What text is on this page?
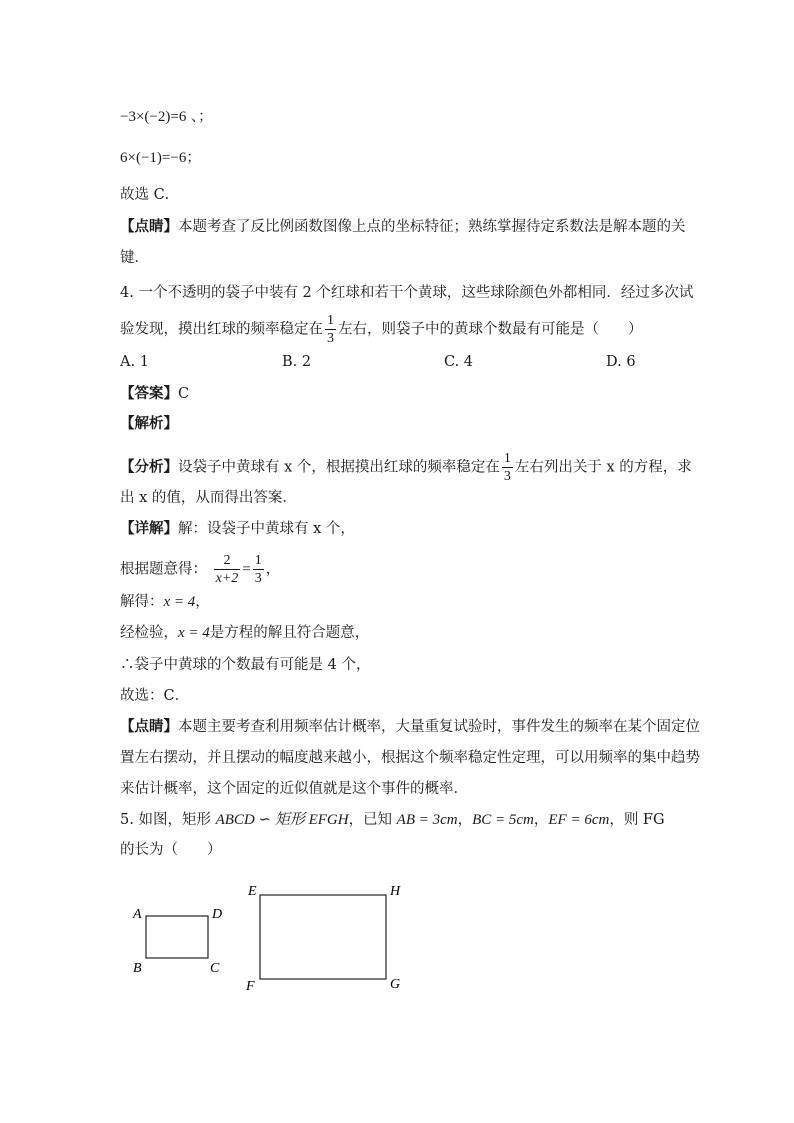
−3×(−2)=6 、；
6×(−1)=−6；
故选 C．
【点睛】本题考查了反比例函数图像上点的坐标特征；熟练掌握待定系数法是解本题的关
键．
4. 一个不透明的袋子中装有 2 个红球和若干个黄球，这些球除颜色外都相同．经过多次试
验发现，摸出红球的频率稳定在 $\frac{1}{3}$ 左右，则袋子中的黄球个数最有可能是（　　）
A. 1	B. 2	C. 4	D. 6
【答案】C
【解析】
【分析】设袋子中黄球有 x 个，根据摸出红球的频率稳定在 $\frac{1}{3}$ 左右列出关于 x 的方程，求
出 x 的值，从而得出答案．
【详解】解：设袋子中黄球有 x 个，
根据题意得： $\frac{2}{x+2} = \frac{1}{3}$ ，
解得：x = 4，
经检验，x = 4是方程的解且符合题意，
∴袋子中黄球的个数最有可能是 4 个，
故选：C．
【点睛】本题主要考查利用频率估计概率，大量重复试验时，事件发生的频率在某个固定位
置左右摆动，并且摆动的幅度越来越小，根据这个频率稳定性定理，可以用频率的集中趋势
来估计概率，这个固定的近似值就是这个事件的概率．
5. 如图，矩形 ABCD ∽ 矩形 EFGH，已知 AB = 3cm，BC = 5cm，EF = 6cm，则 FG
的长为（　　）
A	D
B	C
E	H
F	G
